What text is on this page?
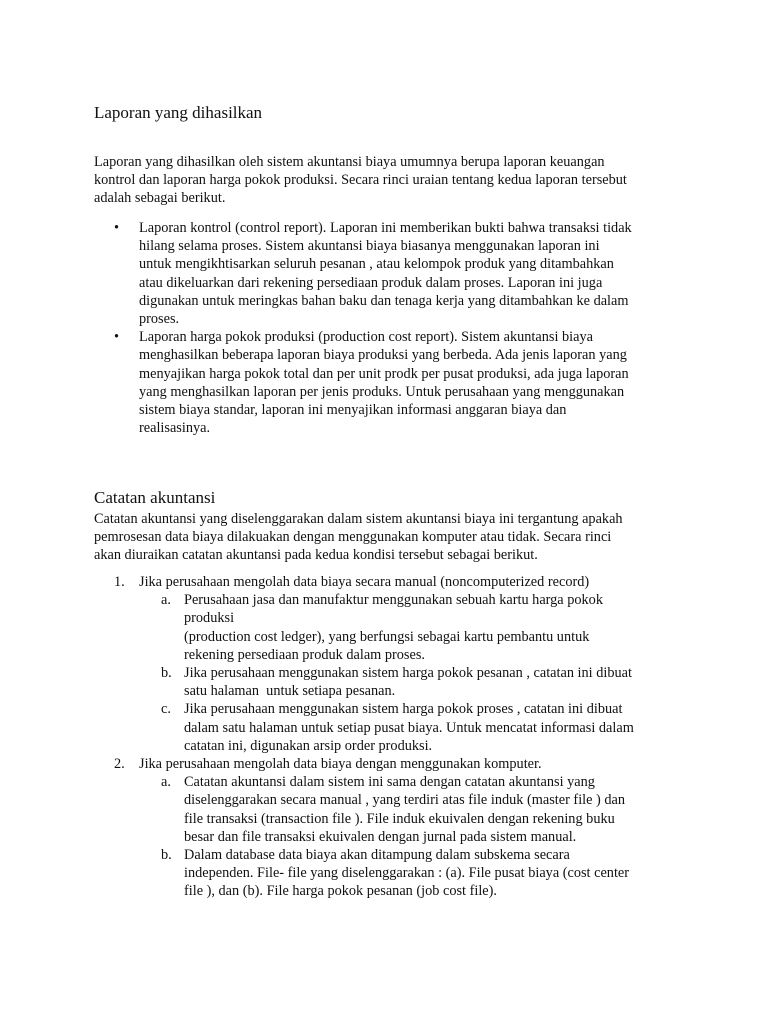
Laporan yang dihasilkan

Laporan yang dihasilkan oleh sistem akuntansi biaya umumnya berupa laporan keuangan
kontrol dan laporan harga pokok produksi. Secara rinci uraian tentang kedua laporan tersebut
adalah sebagai berikut.

• Laporan kontrol (control report). Laporan ini memberikan bukti bahwa transaksi tidak
hilang selama proses. Sistem akuntansi biaya biasanya menggunakan laporan ini
untuk mengikhtisarkan seluruh pesanan , atau kelompok produk yang ditambahkan
atau dikeluarkan dari rekening persediaan produk dalam proses. Laporan ini juga
digunakan untuk meringkas bahan baku dan tenaga kerja yang ditambahkan ke dalam
proses.
• Laporan harga pokok produksi (production cost report). Sistem akuntansi biaya
menghasilkan beberapa laporan biaya produksi yang berbeda. Ada jenis laporan yang
menyajikan harga pokok total dan per unit prodk per pusat produksi, ada juga laporan
yang menghasilkan laporan per jenis produks. Untuk perusahaan yang menggunakan
sistem biaya standar, laporan ini menyajikan informasi anggaran biaya dan
realisasinya.
Catatan akuntansi

Catatan akuntansi yang diselenggarakan dalam sistem akuntansi biaya ini tergantung apakah
pemrosesan data biaya dilakuakan dengan menggunakan komputer atau tidak. Secara rinci
akan diuraikan catatan akuntansi pada kedua kondisi tersebut sebagai berikut.

1. Jika perusahaan mengolah data biaya secara manual (noncomputerized record)
a. Perusahaan jasa dan manufaktur menggunakan sebuah kartu harga pokok
produksi
(production cost ledger), yang berfungsi sebagai kartu pembantu untuk
rekening persediaan produk dalam proses.
b. Jika perusahaan menggunakan sistem harga pokok pesanan , catatan ini dibuat
satu halaman  untuk setiapa pesanan.
c. Jika perusahaan menggunakan sistem harga pokok proses , catatan ini dibuat
dalam satu halaman untuk setiap pusat biaya. Untuk mencatat informasi dalam
catatan ini, digunakan arsip order produksi.
2. Jika perusahaan mengolah data biaya dengan menggunakan komputer.
a. Catatan akuntansi dalam sistem ini sama dengan catatan akuntansi yang
diselenggarakan secara manual , yang terdiri atas file induk (master file ) dan
file transaksi (transaction file ). File induk ekuivalen dengan rekening buku
besar dan file transaksi ekuivalen dengan jurnal pada sistem manual.
b. Dalam database data biaya akan ditampung dalam subskema secara
independen. File- file yang diselenggarakan : (a). File pusat biaya (cost center
file ), dan (b). File harga pokok pesanan (job cost file).
